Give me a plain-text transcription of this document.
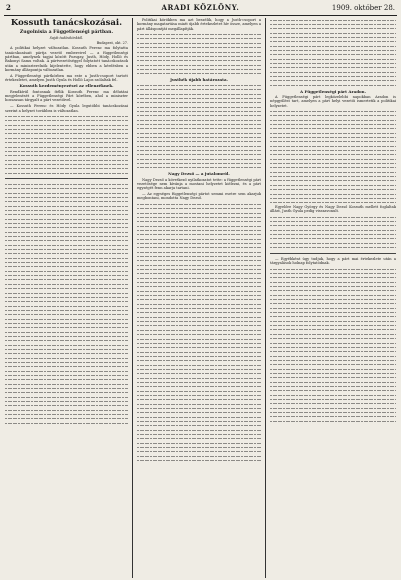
2	ARADI KÖZLÖNY.	1909. október 28.
Kossuth tanácskozásai.
Zugolnisia a Függetlenségi pártban.
Saját tudósítónktól.
Budapest, okt. 27.

A politikai helyzet változatlan. Kossuth Ferenc ma folytatta tanácskozásait pártja vezető embereivel — a függetlenségi pártban, amelynek tagjai között Pozsgay, Justh, Hódy, Holló és Bakonyi Samu voltak. A pártvezetőséggel folytatott tanácskozások után a miniszterelnök kijelentette, hogy ebben a kérdésben a kormány álláspontja változatlan.

A Függetlenségi pártkörben ma este a Justh-csoport tartott értekezletet, amelyen Justh Gyula és Holló Lajos szólaltak fel.

Kossuth kezdeményezései az ellenzéknek.

Rendkívül fontosnak ítélik Kossuth Ferenc ma délutáni megjelenését a Függetlenségi Párt körében, ahol a miniszter hosszasan tárgyalt a párt vezetőivel.

— Kossuth Ferenc és Hódy Gyula legutóbbi tanácskozásai szerint a helyzet továbbra is változatlan.

Politikai körökben ma azt beszélik, hogy a Justh-csoport a kormány magatartása miatt újabb értekezletet hív össze, amelyen a párt álláspontját megállapítják.

Justhék újabb határozata.
Nagy Dezső — a jutalomról.

Nagy Dezső a következő nyilatkozatot tette: a függetlenségi párt vezetősége nem kívánja a mostani helyzetet kiélezni, és a párt egységét fenn akarja tartani.

— Az egységes függetlenségi pártot semmi esetre sem akarjuk megbontani, mondotta Nagy Dezső.

A Függetlenségi párt Aradon.

A Függetlenségi párt legközelebbi napokban Aradon is népgyűlést tart, amelyen a párt helyi vezetői ismertetik a politikai helyzetet.

Egyelőre Nagy György és Nagy Dezső Kossuth mellett foglaltak állást, Justh Gyula pedig visszavonult.

— Egyébként úgy tudjuk, hogy a párt mai értekezlete után a tárgyalások holnap folytatódnak.
